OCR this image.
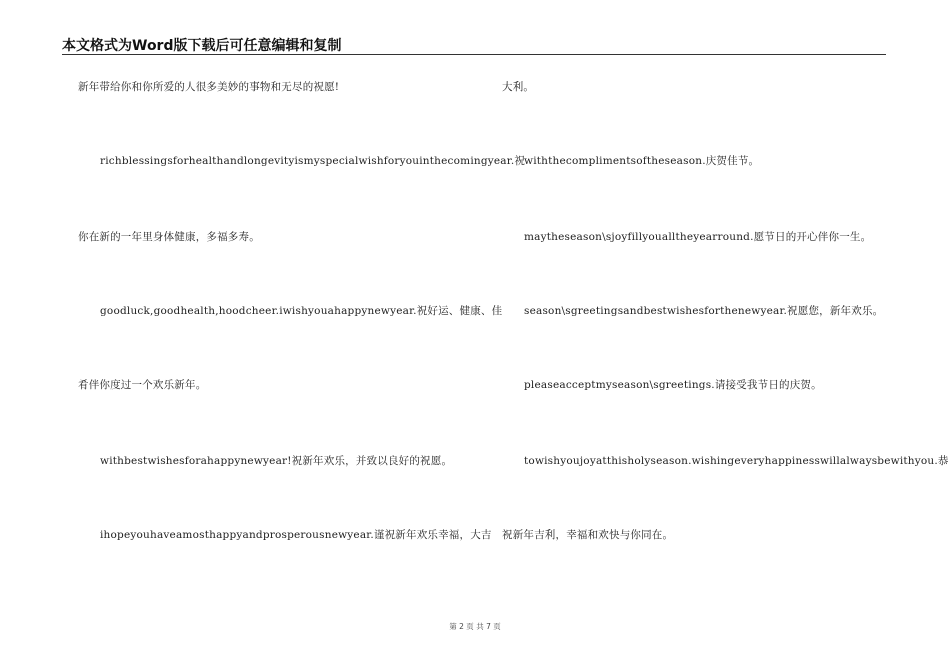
本文格式为Word版下载后可任意编辑和复制
新年带给你和你所爱的人很多美妙的事物和无尽的祝愿!
richblessingsforhealthandlongevityismyspecialwishforyouinthecomingyear.祝
你在新的一年里身体健康，多福多寿。
goodluck,goodhealth,hoodcheer.iwishyouahappynewyear.祝好运、健康、佳
肴伴你度过一个欢乐新年。
withbestwishesforahappynewyear!祝新年欢乐，并致以良好的祝愿。
ihopeyouhaveamosthappyandprosperousnewyear.谨祝新年欢乐幸福，大吉
大利。
withthecomplimentsoftheseason.庆贺佳节。
maytheseason\sjoyfillyoualltheyearround.愿节日的开心伴你一生。
season\sgreetingsandbestwishesforthenewyear.祝愿您，新年欢乐。
pleaseacceptmyseason\sgreetings.请接受我节日的庆贺。
towishyoujoyatthisholyseason.wishingeveryhappinesswillalwaysbewithyou.恭
祝新年吉利，幸福和欢快与你同在。
第 2 页 共 7 页
